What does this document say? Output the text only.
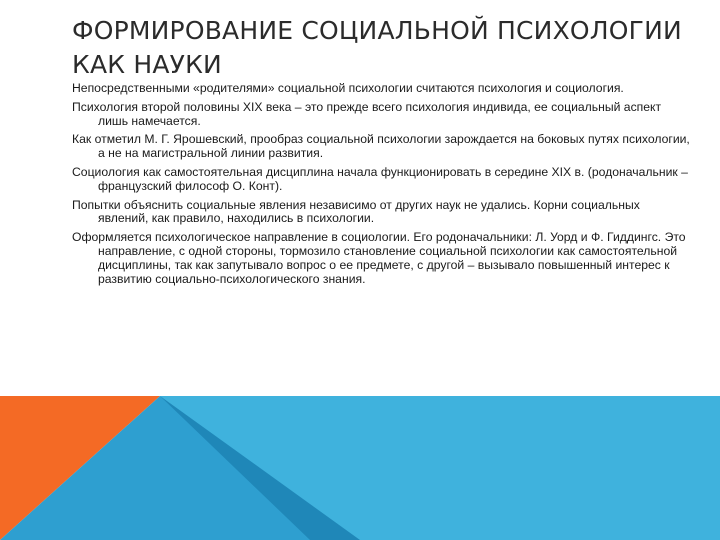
ФОРМИРОВАНИЕ СОЦИАЛЬНОЙ ПСИХОЛОГИИ
КАК НАУКИ

Непосредственными «родителями» социальной психологии считаются психология и социология.

Психология второй половины XIX века – это прежде всего психология индивида, ее социальный аспект лишь намечается.

Как отметил М. Г. Ярошевский, прообраз социальной психологии зарождается на боковых путях психологии, а не на магистральной линии развития.

Социология как самостоятельная дисциплина начала функционировать в середине XIX в. (родоначальник – французский философ О. Конт).

Попытки объяснить социальные явления независимо от других наук не удались. Корни социальных явлений, как правило, находились в психологии.

Оформляется психологическое направление в социологии. Его родоначальники: Л. Уорд и Ф. Гиддингс. Это направление, с одной стороны, тормозило становление социальной психологии как самостоятельной дисциплины, так как запутывало вопрос о ее предмете, с другой – вызывало повышенный интерес к развитию социально-психологического знания.
